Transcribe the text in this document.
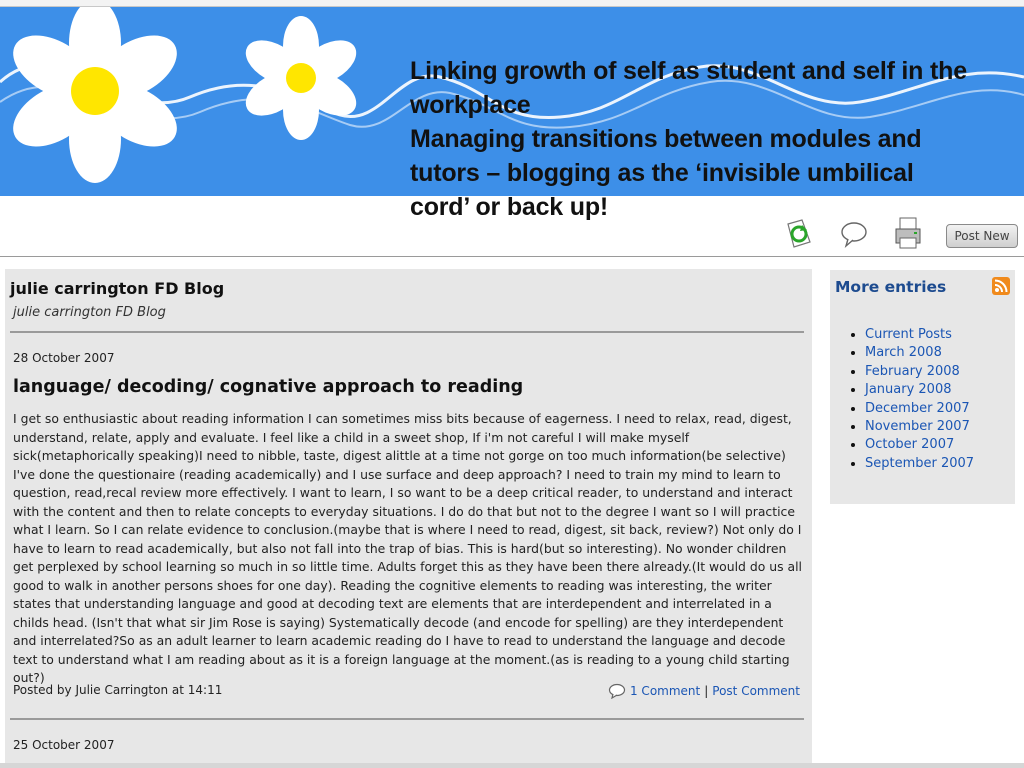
Linking growth of self as student and self in the workplace
Managing transitions between modules and tutors – blogging as the ‘invisible umbilical cord’ or back up!
Post New
julie carrington FD Blog
julie carrington FD Blog
28 October 2007
language/ decoding/ cognative approach to reading

I get so enthusiastic about reading information I can sometimes miss bits because of eagerness. I need to relax, read, digest, understand, relate, apply and evaluate. I feel like a child in a sweet shop, If i'm not careful I will make myself sick(metaphorically speaking)I need to nibble, taste, digest alittle at a time not gorge on too much information(be selective) I've done the questionaire (reading academically) and I use surface and deep approach? I need to train my mind to learn to question, read,recal review more effectively. I want to learn, I so want to be a deep critical reader, to understand and interact with the content and then to relate concepts to everyday situations. I do do that but not to the degree I want so I will practice what I learn. So I can relate evidence to conclusion.(maybe that is where I need to read, digest, sit back, review?) Not only do I have to learn to read academically, but also not fall into the trap of bias. This is hard(but so interesting). No wonder children get perplexed by school learning so much in so little time. Adults forget this as they have been there already.(It would do us all good to walk in another persons shoes for one day). Reading the cognitive elements to reading was interesting, the writer states that understanding language and good at decoding text are elements that are interdependent and interrelated in a childs head. (Isn't that what sir Jim Rose is saying) Systematically decode (and encode for spelling) are they interdependent and interrelated?So as an adult learner to learn academic reading do I have to read to understand the language and decode text to understand what I am reading about as it is a foreign language at the moment.(as is reading to a young child starting out?)

Posted by Julie Carrington at 14:11	1 Comment | Post Comment
25 October 2007
More entries
• Current Posts
• March 2008
• February 2008
• January 2008
• December 2007
• November 2007
• October 2007
• September 2007
